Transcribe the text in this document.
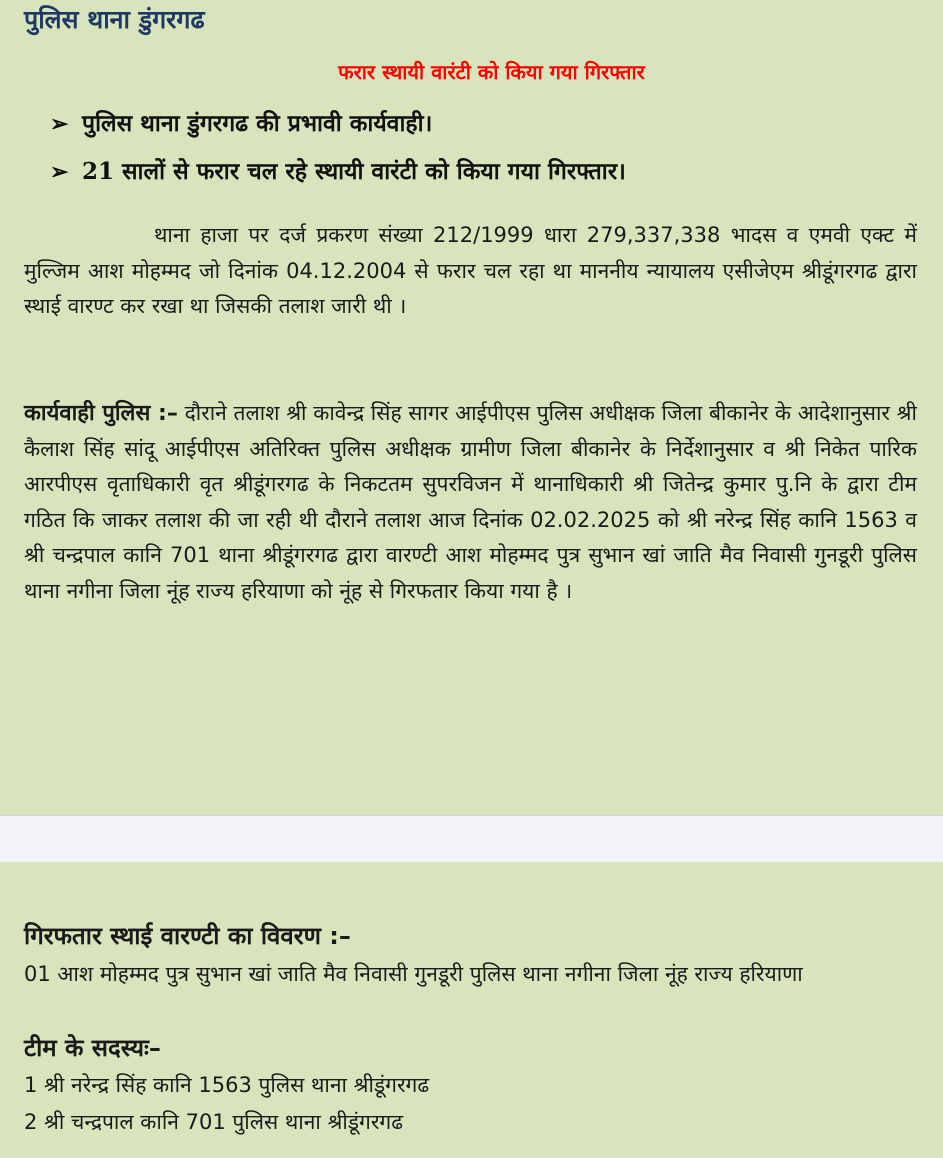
पुलिस थाना डुंगरगढ
फरार स्थायी वारंटी को किया गया गिरफ्तार
➢ पुलिस थाना डुंगरगढ की प्रभावी कार्यवाही।
➢ 21 सालों से फरार चल रहे स्थायी वारंटी को किया गया गिरफ्तार।

थाना हाजा पर दर्ज प्रकरण संख्या 212/1999 धारा 279,337,338 भादस व एमवी एक्ट में मुल्जिम आश मोहम्मद जो दिनांक 04.12.2004 से फरार चल रहा था माननीय न्यायालय एसीजेएम श्रीडूंगरगढ द्वारा स्थाई वारण्ट कर रखा था जिसकी तलाश जारी थी ।

कार्यवाही पुलिस :– दौराने तलाश श्री कावेन्द्र सिंह सागर आईपीएस पुलिस अधीक्षक जिला बीकानेर के आदेशानुसार श्री कैलाश सिंह सांदू आईपीएस अतिरिक्त पुलिस अधीक्षक ग्रामीण जिला बीकानेर के निर्देशानुसार व श्री निकेत पारिक आरपीएस वृताधिकारी वृत श्रीडूंगरगढ के निकटतम सुपरविजन में थानाधिकारी श्री जितेन्द्र कुमार पु.नि के द्वारा टीम गठित कि जाकर तलाश की जा रही थी दौराने तलाश आज दिनांक 02.02.2025 को श्री नरेन्द्र सिंह कानि 1563 व श्री चन्द्रपाल कानि 701 थाना श्रीडूंगरगढ द्वारा वारण्टी आश मोहम्मद पुत्र सुभान खां जाति मैव निवासी गुनडूरी पुलिस थाना नगीना जिला नूंह राज्य हरियाणा को नूंह से गिरफतार किया गया है ।

गिरफतार स्थाई वारण्टी का विवरण :–

01 आश मोहम्मद पुत्र सुभान खां जाति मैव निवासी गुनडूरी पुलिस थाना नगीना जिला नूंह राज्य हरियाणा

टीम के सदस्यः–
1 श्री नरेन्द्र सिंह कानि 1563 पुलिस थाना श्रीडूंगरगढ
2 श्री चन्द्रपाल कानि 701 पुलिस थाना श्रीडूंगरगढ
